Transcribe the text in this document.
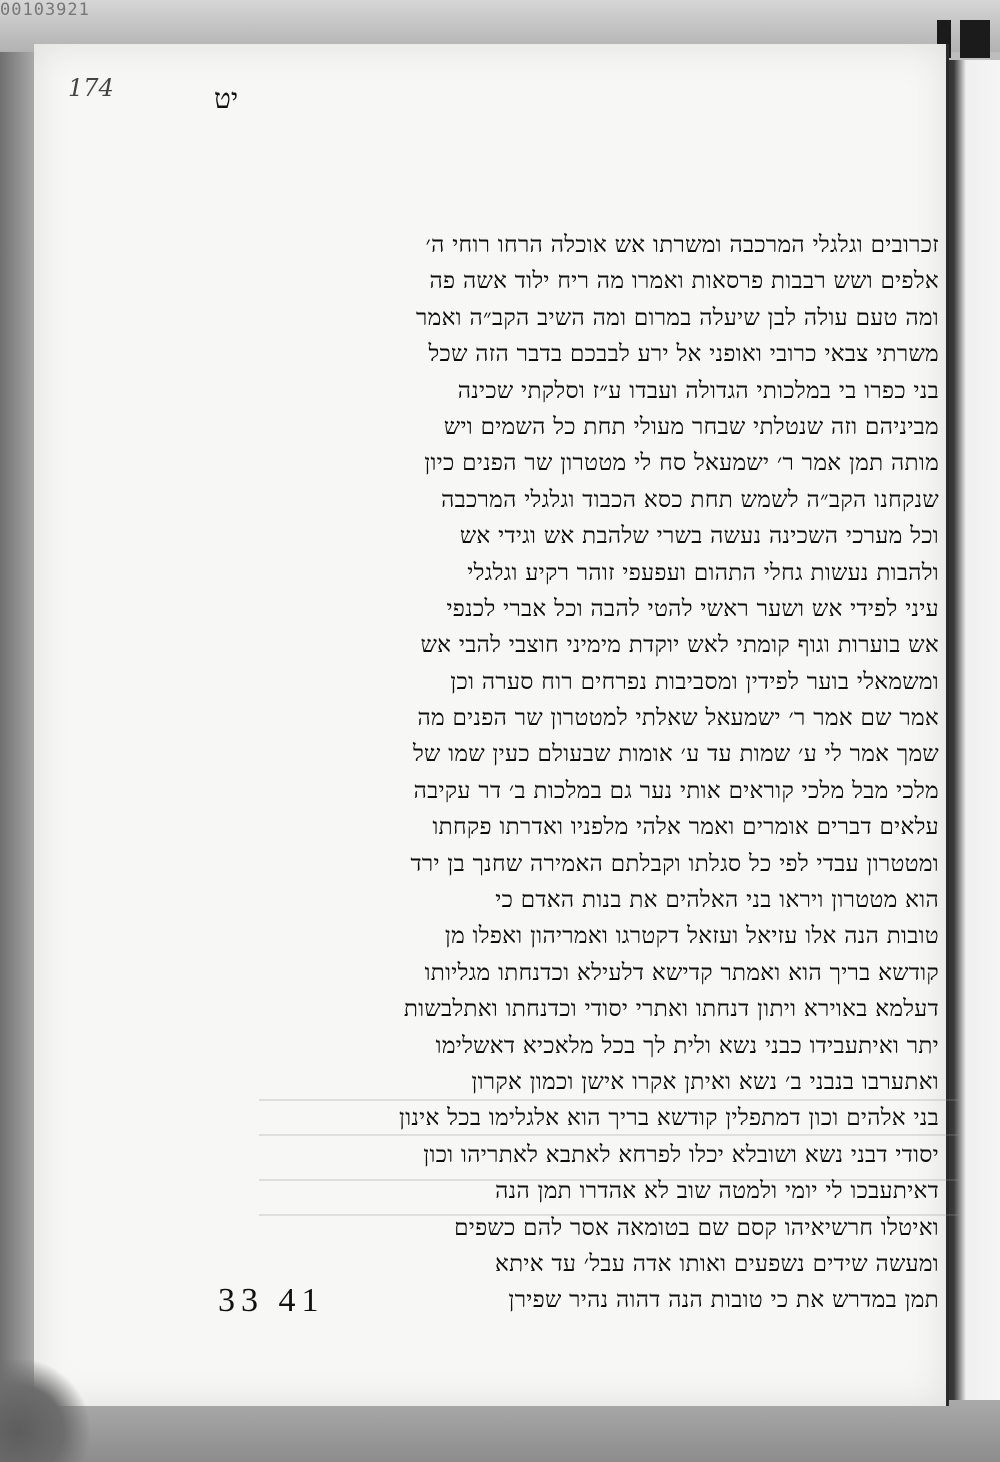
00103921
174	יט
זכרובים וגלגלי המרכבה ומשרתו אש אוכלה הרחו רוחי ה׳
אלפים ושש רבבות פרסאות ואמרו מה ריח ילוד אשה פה
ומה טעם עולה לבן שיעלה במרום ומה השיב הקב״ה ואמר
משרתי צבאי כרובי ואופני אל ירע לבבכם בדבר הזה שכל
בני כפרו בי במלכותי הגדולה ועבדו ע״ז וסלקתי שכינה
מביניהם וזה שנטלתי שבחר מעולי תחת כל השמים ויש
מותה תמן אמר ר׳ ישמעאל סח לי מטטרון שר הפנים כיון
שנקחנו הקב״ה לשמש תחת כסא הכבוד וגלגלי המרכבה
וכל מערכי השכינה נעשה בשרי שלהבת אש וגידי אש
ולהבות נעשות גחלי התהום ועפעפי זוהר רקיע וגלגלי
עיני לפידי אש ושער ראשי להטי להבה וכל אברי לכנפי
אש בוערות וגוף קומתי לאש יוקדת מימיני חוצבי להבי אש
ומשמאלי בוער לפידין ומסביבות נפרחים רוח סערה וכן
אמר שם אמר ר׳ ישמעאל שאלתי למטטרון שר הפנים מה
שמך אמר לי ע׳ שמות עד ע׳ אומות שבעולם כעין שמו של
מלכי מבל מלכי קוראים אותי נער גם במלכות ב׳ דר עקיבה
עלאים דברים אומרים ואמר אלהי מלפניו ואדרתו פקחתו
ומטטרון עבדי לפי כל סגלתו וקבלתם האמירה שחנך בן ירד
הוא מטטרון ויראו בני האלהים את בנות האדם כי
טובות הנה אלו עזיאל ועזאל דקטרגו ואמריהון ואפלו מן
קודשא בריך הוא ואמתר קדישא דלעילא וכדנחתו מגליותו
דעלמא באוירא ויתון דנחתו ואתרי יסודי וכדנחתו ואתלבשות
יתר ואיתעבידו כבני נשא ולית לך בכל מלאכיא דאשלימו
ואתערבו בנבני ב׳ נשא ואיתן אקרו אישן וכמון אקרון
בני אלהים וכון דמתפלין קודשא בריך הוא אלגלימו בכל אינון
יסודי דבני נשא ושובלא יכלו לפרחא לאתבא לאתריהו וכון
דאיתעבכו לי יומי ולמטה שוב לא אהדרו תמן הנה
ואיטלו חרשיאיהו קסם שם בטומאה אסר להם כשפים
ומעשה שידים נשפעים ואותו אדה עבל׳ עד איתא
תמן במדרש את כי טובות הנה דהוה נהיר שפירן
33 41
